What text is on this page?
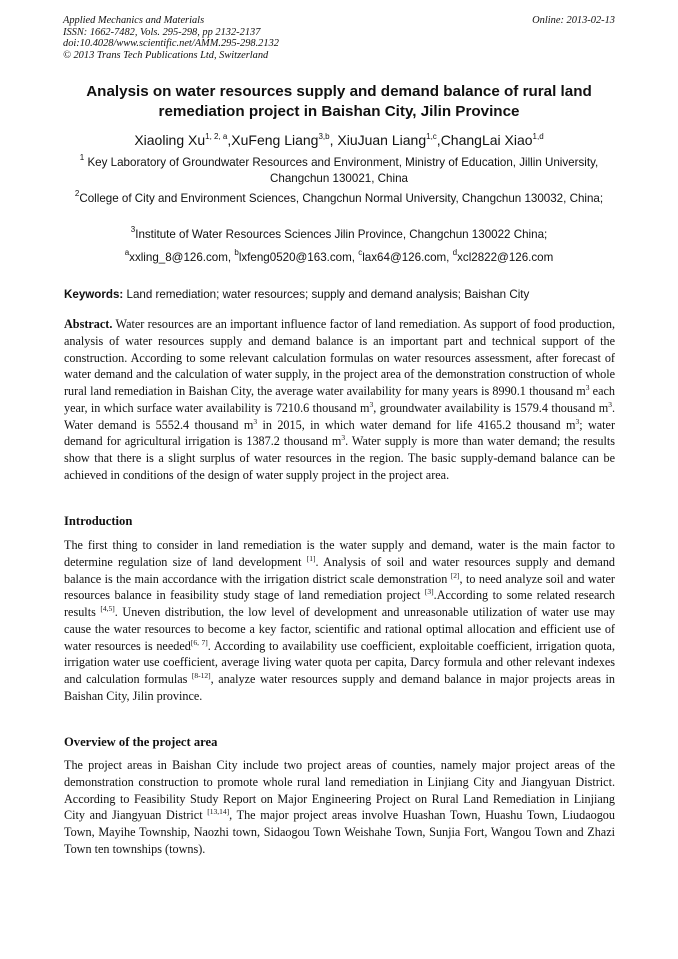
Applied Mechanics and Materials
ISSN: 1662-7482, Vols. 295-298, pp 2132-2137
doi:10.4028/www.scientific.net/AMM.295-298.2132
© 2013 Trans Tech Publications Ltd, Switzerland
Online: 2013-02-13
Analysis on water resources supply and demand balance of rural land
remediation project in Baishan City, Jilin Province
Xiaoling Xu$^{1, 2, a}$,XuFeng Liang$^{3,b}$, XiuJuan Liang$^{1,c}$,ChangLai Xiao$^{1,d}$
$^1$ Key Laboratory of Groundwater Resources and Environment, Ministry of Education, Jillin University, Changchun 130021, China
$^2$College of City and Environment Sciences, Changchun Normal University, Changchun 130032, China;
$^3$Institute of Water Resources Sciences Jilin Province, Changchun 130022 China;
$^a$xxling_8@126.com, $^b$lxfeng0520@163.com, $^c$lax64@126.com, $^d$xcl2822@126.com
Keywords: Land remediation; water resources; supply and demand analysis; Baishan City
Abstract. Water resources are an important influence factor of land remediation. As support of food production, analysis of water resources supply and demand balance is an important part and technical support of the construction. According to some relevant calculation formulas on water resources assessment, after forecast of water demand and the calculation of water supply, in the project area of the demonstration construction of whole rural land remediation in Baishan City, the average water availability for many years is 8990.1 thousand $m^3$ each year, in which surface water availability is 7210.6 thousand $m^3$, groundwater availability is 1579.4 thousand $m^3$. Water demand is 5552.4 thousand $m^3$ in 2015, in which water demand for life 4165.2 thousand $m^3$; water demand for agricultural irrigation is 1387.2 thousand $m^3$. Water supply is more than water demand; the results show that there is a slight surplus of water resources in the region. The basic supply-demand balance can be achieved in conditions of the design of water supply project in the project area.
Introduction
The first thing to consider in land remediation is the water supply and demand, water is the main factor to determine regulation size of land development [1]. Analysis of soil and water resources supply and demand balance is the main accordance with the irrigation district scale demonstration [2], to need analyze soil and water resources balance in feasibility study stage of land remediation project [3].According to some related research results [4,5]. Uneven distribution, the low level of development and unreasonable utilization of water use may cause the water resources to become a key factor, scientific and rational optimal allocation and efficient use of water resources is needed[6, 7]. According to availability use coefficient, exploitable coefficient, irrigation quota, irrigation water use coefficient, average living water quota per capita, Darcy formula and other relevant indexes and calculation formulas [8-12], analyze water resources supply and demand balance in major projects areas in Baishan City, Jilin province.
Overview of the project area
The project areas in Baishan City include two project areas of counties, namely major project areas of the demonstration construction to promote whole rural land remediation in Linjiang City and Jiangyuan District. According to Feasibility Study Report on Major Engineering Project on Rural Land Remediation in Linjiang City and Jiangyuan District [13,14], The major project areas involve Huashan Town, Huashu Town, Liudaogou Town, Mayihe Township, Naozhi town, Sidaogou Town Weishahe Town, Sunjia Fort, Wangou Town and Zhazi Town ten townships (towns).
